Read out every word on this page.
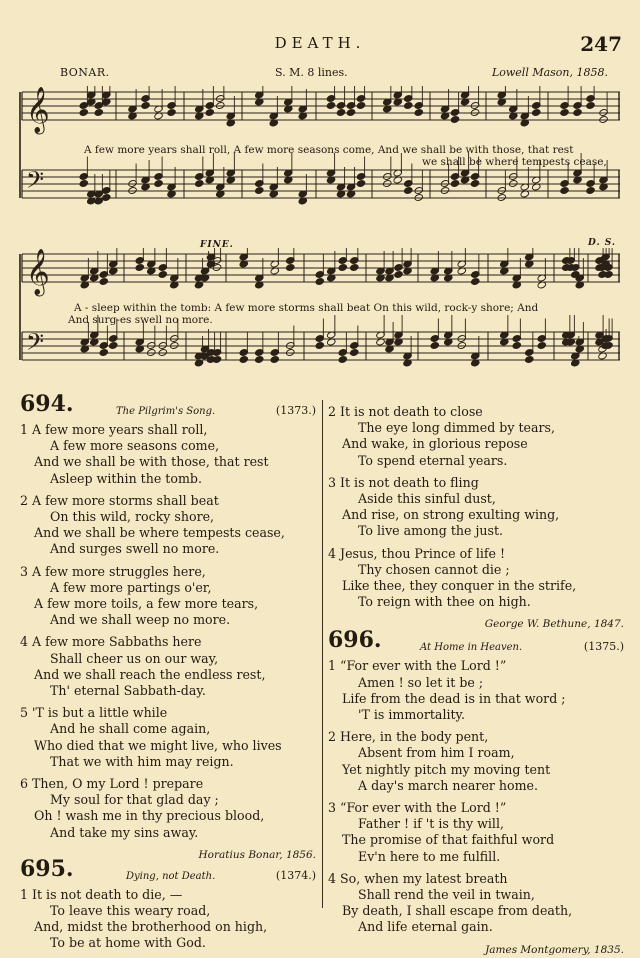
DEATH.	247
BONAR.	S. M. 8 lines.	Lowell Mason, 1858.
𝄞
𝄢
A few more years shall roll, A few more seasons come, And we shall be with those, that rest
we shall be where tempests cease,
𝄞
𝄢
FINE.	D. S.
A - sleep within the tomb: A few more storms shall beat On this wild, rock-y shore; And
And surg-es swell no more.
694.	The Pilgrim's Song.	(1373.)
1 A few more years shall roll,
A few more seasons come,
And we shall be with those, that rest
Asleep within the tomb.
2 A few more storms shall beat
On this wild, rocky shore,
And we shall be where tempests cease,
And surges swell no more.
3 A few more struggles here,
A few more partings o'er,
A few more toils, a few more tears,
And we shall weep no more.
4 A few more Sabbaths here
Shall cheer us on our way,
And we shall reach the endless rest,
Th' eternal Sabbath-day.
5 'T is but a little while
And he shall come again,
Who died that we might live, who lives
That we with him may reign.
6 Then, O my Lord ! prepare
My soul for that glad day ;
Oh ! wash me in thy precious blood,
And take my sins away.
Horatius Bonar, 1856.
695.	Dying, not Death.	(1374.)
1 It is not death to die, —
To leave this weary road,
And, midst the brotherhood on high,
To be at home with God.
2 It is not death to close
The eye long dimmed by tears,
And wake, in glorious repose
To spend eternal years.
3 It is not death to fling
Aside this sinful dust,
And rise, on strong exulting wing,
To live among the just.
4 Jesus, thou Prince of life !
Thy chosen cannot die ;
Like thee, they conquer in the strife,
To reign with thee on high.
George W. Bethune, 1847.
696.	At Home in Heaven.	(1375.)
1 “For ever with the Lord !”
Amen ! so let it be ;
Life from the dead is in that word ;
'T is immortality.
2 Here, in the body pent,
Absent from him I roam,
Yet nightly pitch my moving tent
A day's march nearer home.
3 “For ever with the Lord !”
Father ! if 't is thy will,
The promise of that faithful word
Ev'n here to me fulfill.
4 So, when my latest breath
Shall rend the veil in twain,
By death, I shall escape from death,
And life eternal gain.
James Montgomery, 1835.
